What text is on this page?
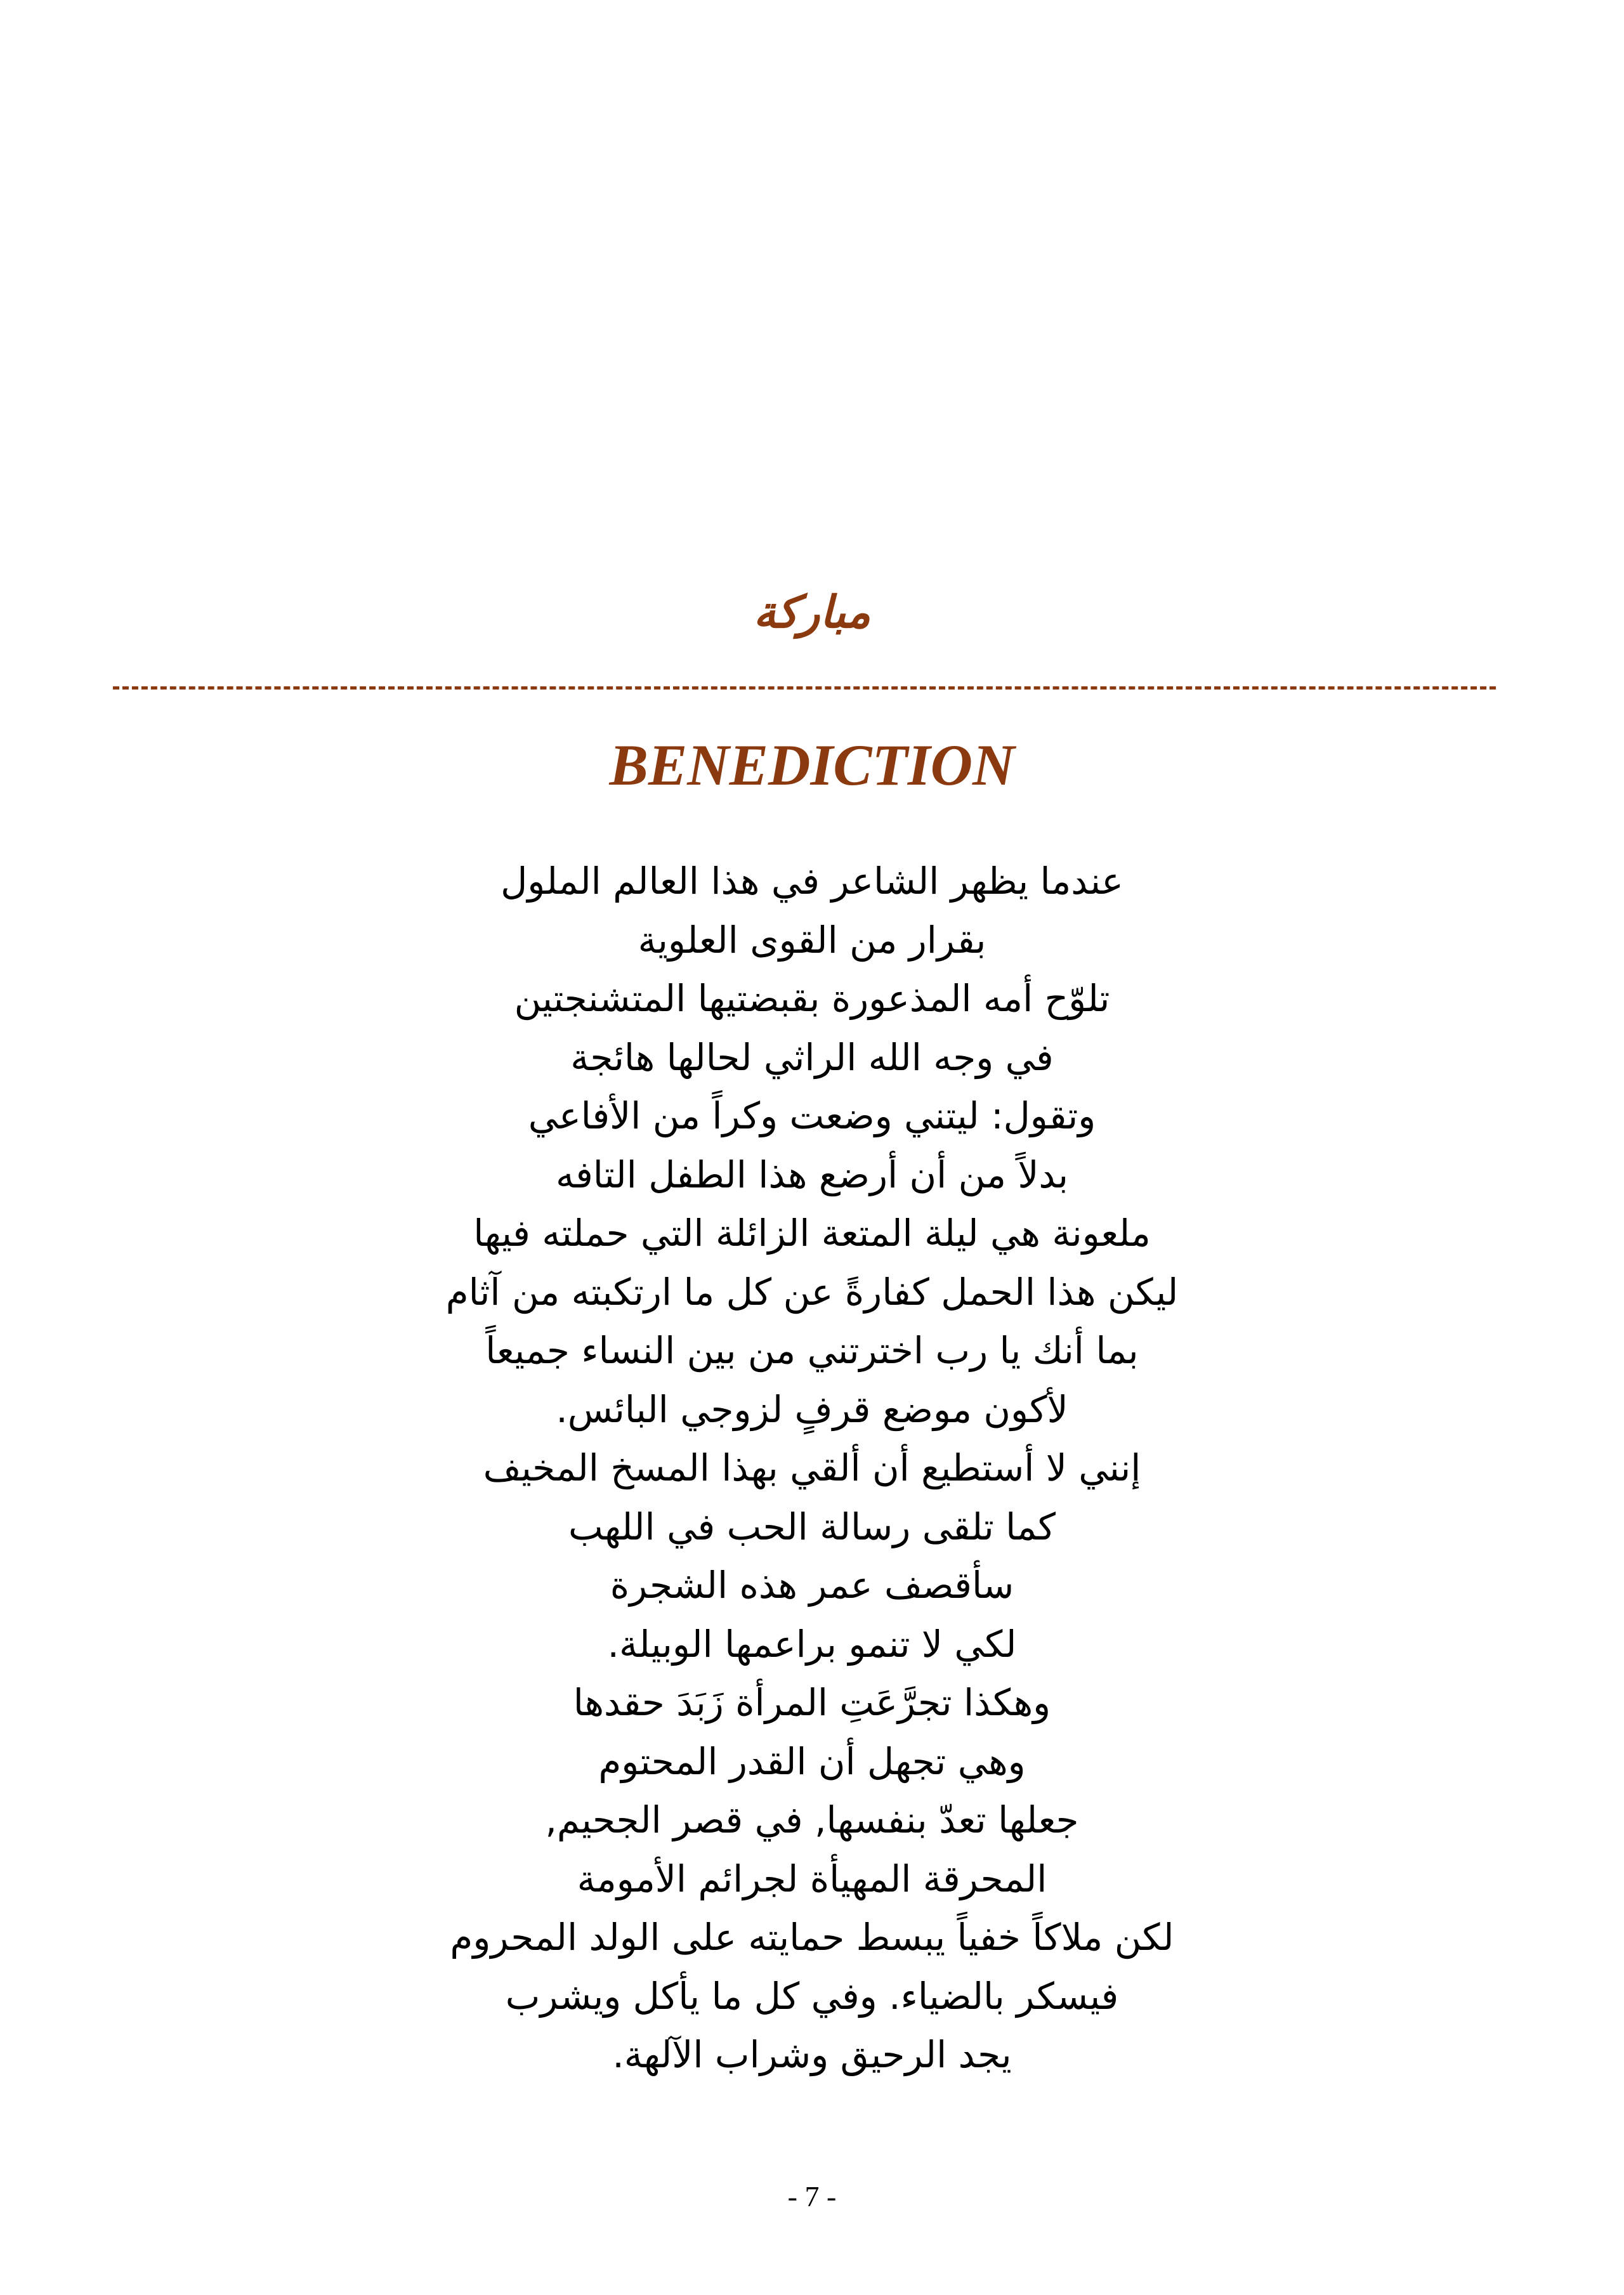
مباركة
BENEDICTION
عندما يظهر الشاعر في هذا العالم الملول
بقرار من القوى العلوية
تلوّح أمه المذعورة بقبضتيها المتشنجتين
في وجه الله الراثي لحالها هائجة
وتقول: ليتني وضعت وكراً من الأفاعي
بدلاً من أن أرضع هذا الطفل التافه
ملعونة هي ليلة المتعة الزائلة التي حملته فيها
ليكن هذا الحمل كفارةً عن كل ما ارتكبته من آثام
بما أنك يا رب اخترتني من بين النساء جميعاً
لأكون موضع قرفٍ لزوجي البائس.
إنني لا أستطيع أن ألقي بهذا المسخ المخيف
كما تلقى رسالة الحب في اللهب
سأقصف عمر هذه الشجرة
لكي لا تنمو براعمها الوبيلة.
وهكذا تجرَّعَتِ المرأة زَبَدَ حقدها
وهي تجهل أن القدر المحتوم
جعلها تعدّ بنفسها, في قصر الجحيم,
المحرقة المهيأة لجرائم الأمومة
لكن ملاكاً خفياً يبسط حمايته على الولد المحروم
فيسكر بالضياء. وفي كل ما يأكل ويشرب
يجد الرحيق وشراب الآلهة.
- 7 -
